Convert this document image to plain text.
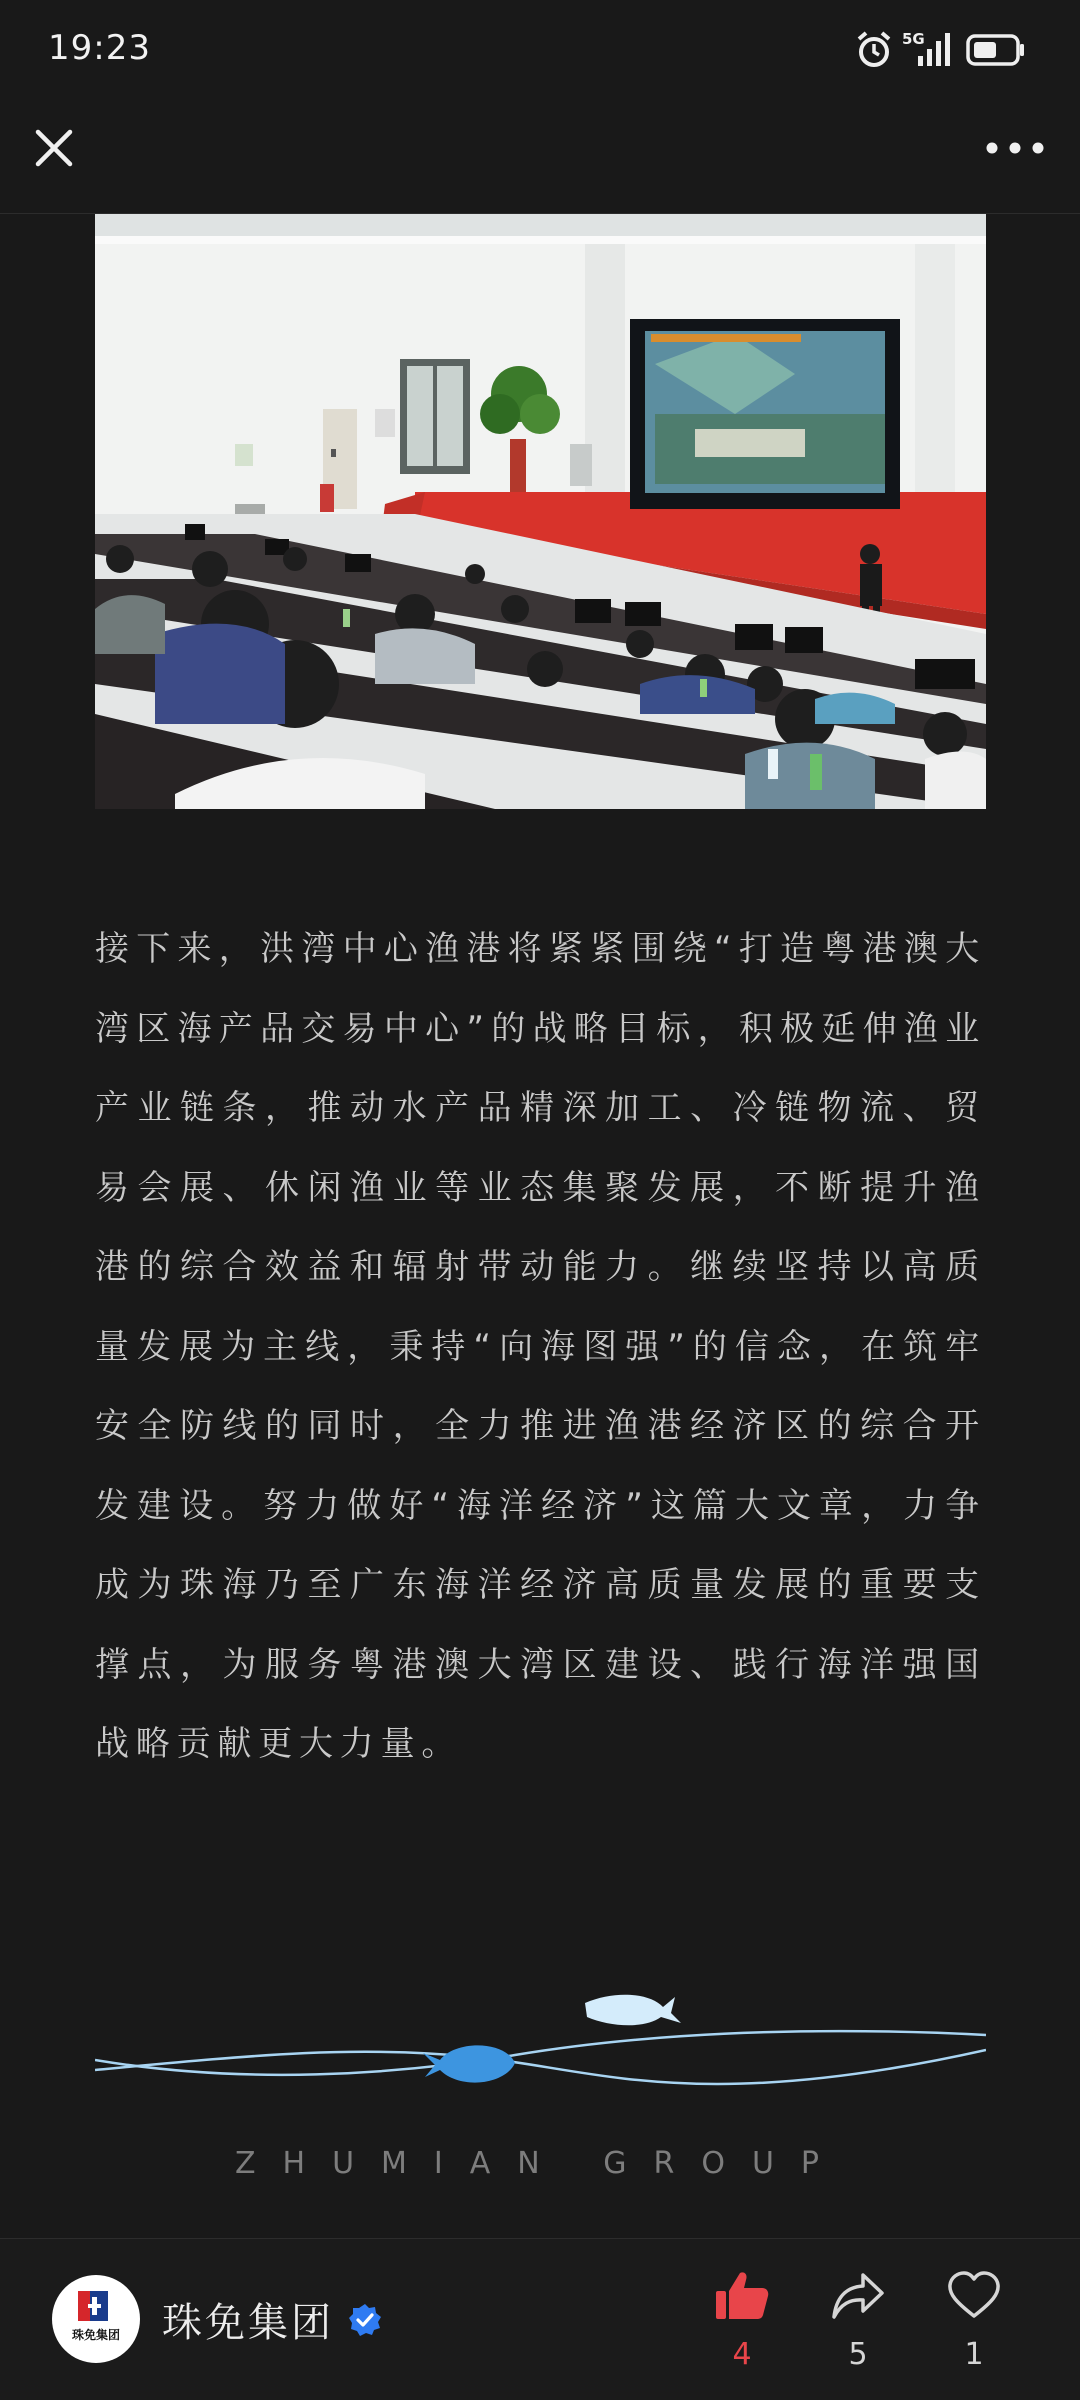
19:23	5G
接下来，洪湾中心渔港将紧紧围绕“打造粤港澳大湾区海产品交易中心”的战略目标，积极延伸渔业产业链条，推动水产品精深加工、冷链物流、贸易会展、休闲渔业等业态集聚发展，不断提升渔港的综合效益和辐射带动能力。继续坚持以高质量发展为主线，秉持“向海图强”的信念，在筑牢安全防线的同时，全力推进渔港经济区的综合开发建设。努力做好“海洋经济”这篇大文章，力争成为珠海乃至广东海洋经济高质量发展的重要支撑点，为服务粤港澳大湾区建设、践行海洋强国战略贡献更大力量。
ZHUMIAN GROUP
珠免集团 珠免集团
4	5	1
